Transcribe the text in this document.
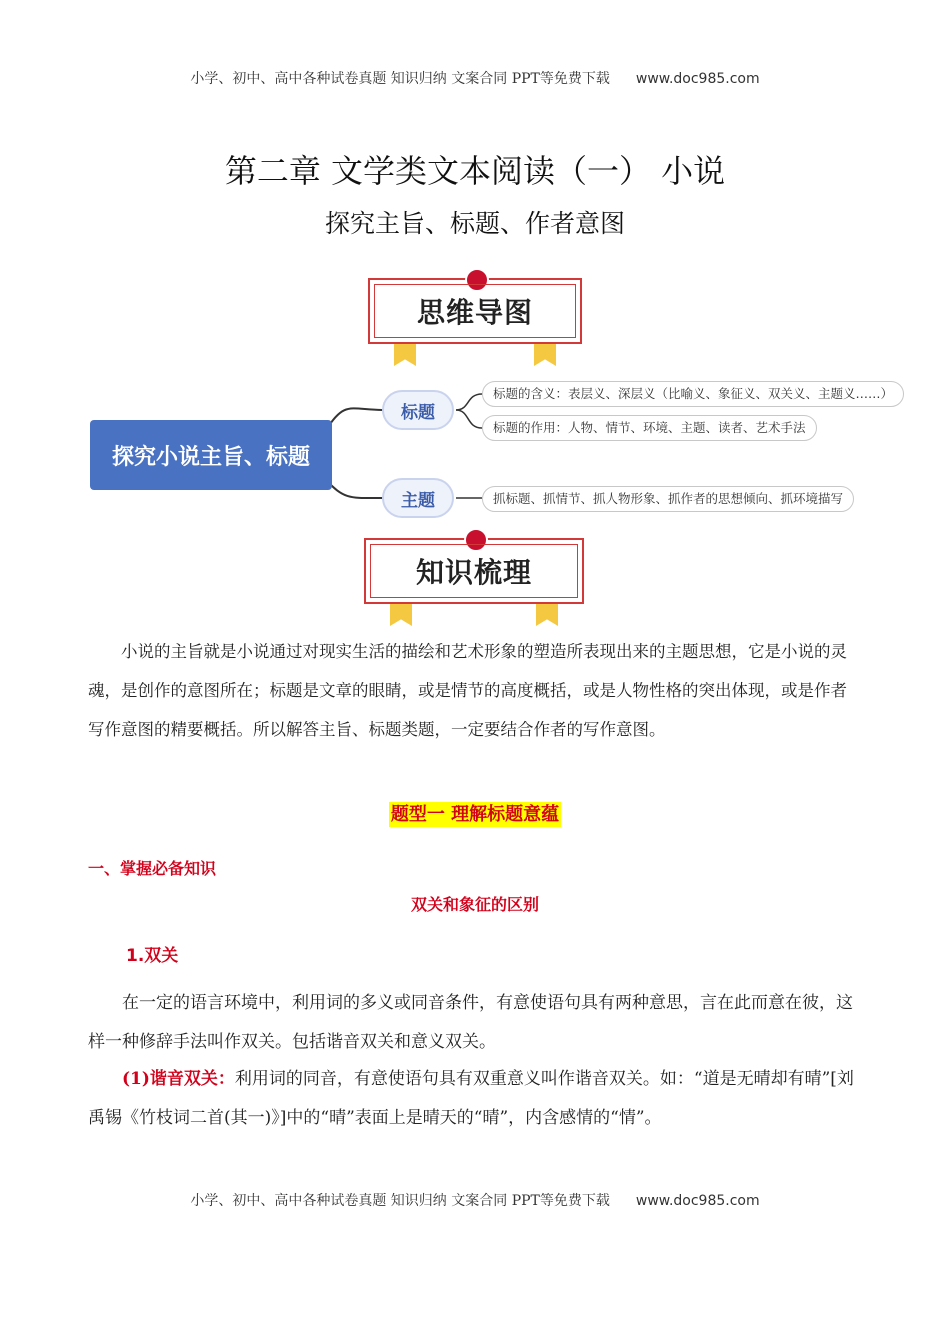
小学、初中、高中各种试卷真题 知识归纳 文案合同 PPT等免费下载 www.doc985.com
第二章 文学类文本阅读（一） 小说
探究主旨、标题、作者意图
思维导图
探究小说主旨、标题
标题
主题
标题的含义：表层义、深层义（比喻义、象征义、双关义、主题义……）
标题的作用：人物、情节、环境、主题、读者、艺术手法
抓标题、抓情节、抓人物形象、抓作者的思想倾向、抓环境描写
知识梳理
小说的主旨就是小说通过对现实生活的描绘和艺术形象的塑造所表现出来的主题思想，它是小说的灵魂，是创作的意图所在；标题是文章的眼睛，或是情节的高度概括，或是人物性格的突出体现，或是作者写作意图的精要概括。所以解答主旨、标题类题，一定要结合作者的写作意图。
题型一 理解标题意蕴
一、掌握必备知识
双关和象征的区别
1.双关
在一定的语言环境中，利用词的多义或同音条件，有意使语句具有两种意思，言在此而意在彼，这样一种修辞手法叫作双关。包括谐音双关和意义双关。
(1)谐音双关：利用词的同音，有意使语句具有双重意义叫作谐音双关。如：“道是无晴却有晴”[刘禹锡《竹枝词二首(其一)》]中的“晴”表面上是晴天的“晴”，内含感情的“情”。
小学、初中、高中各种试卷真题 知识归纳 文案合同 PPT等免费下载 www.doc985.com
